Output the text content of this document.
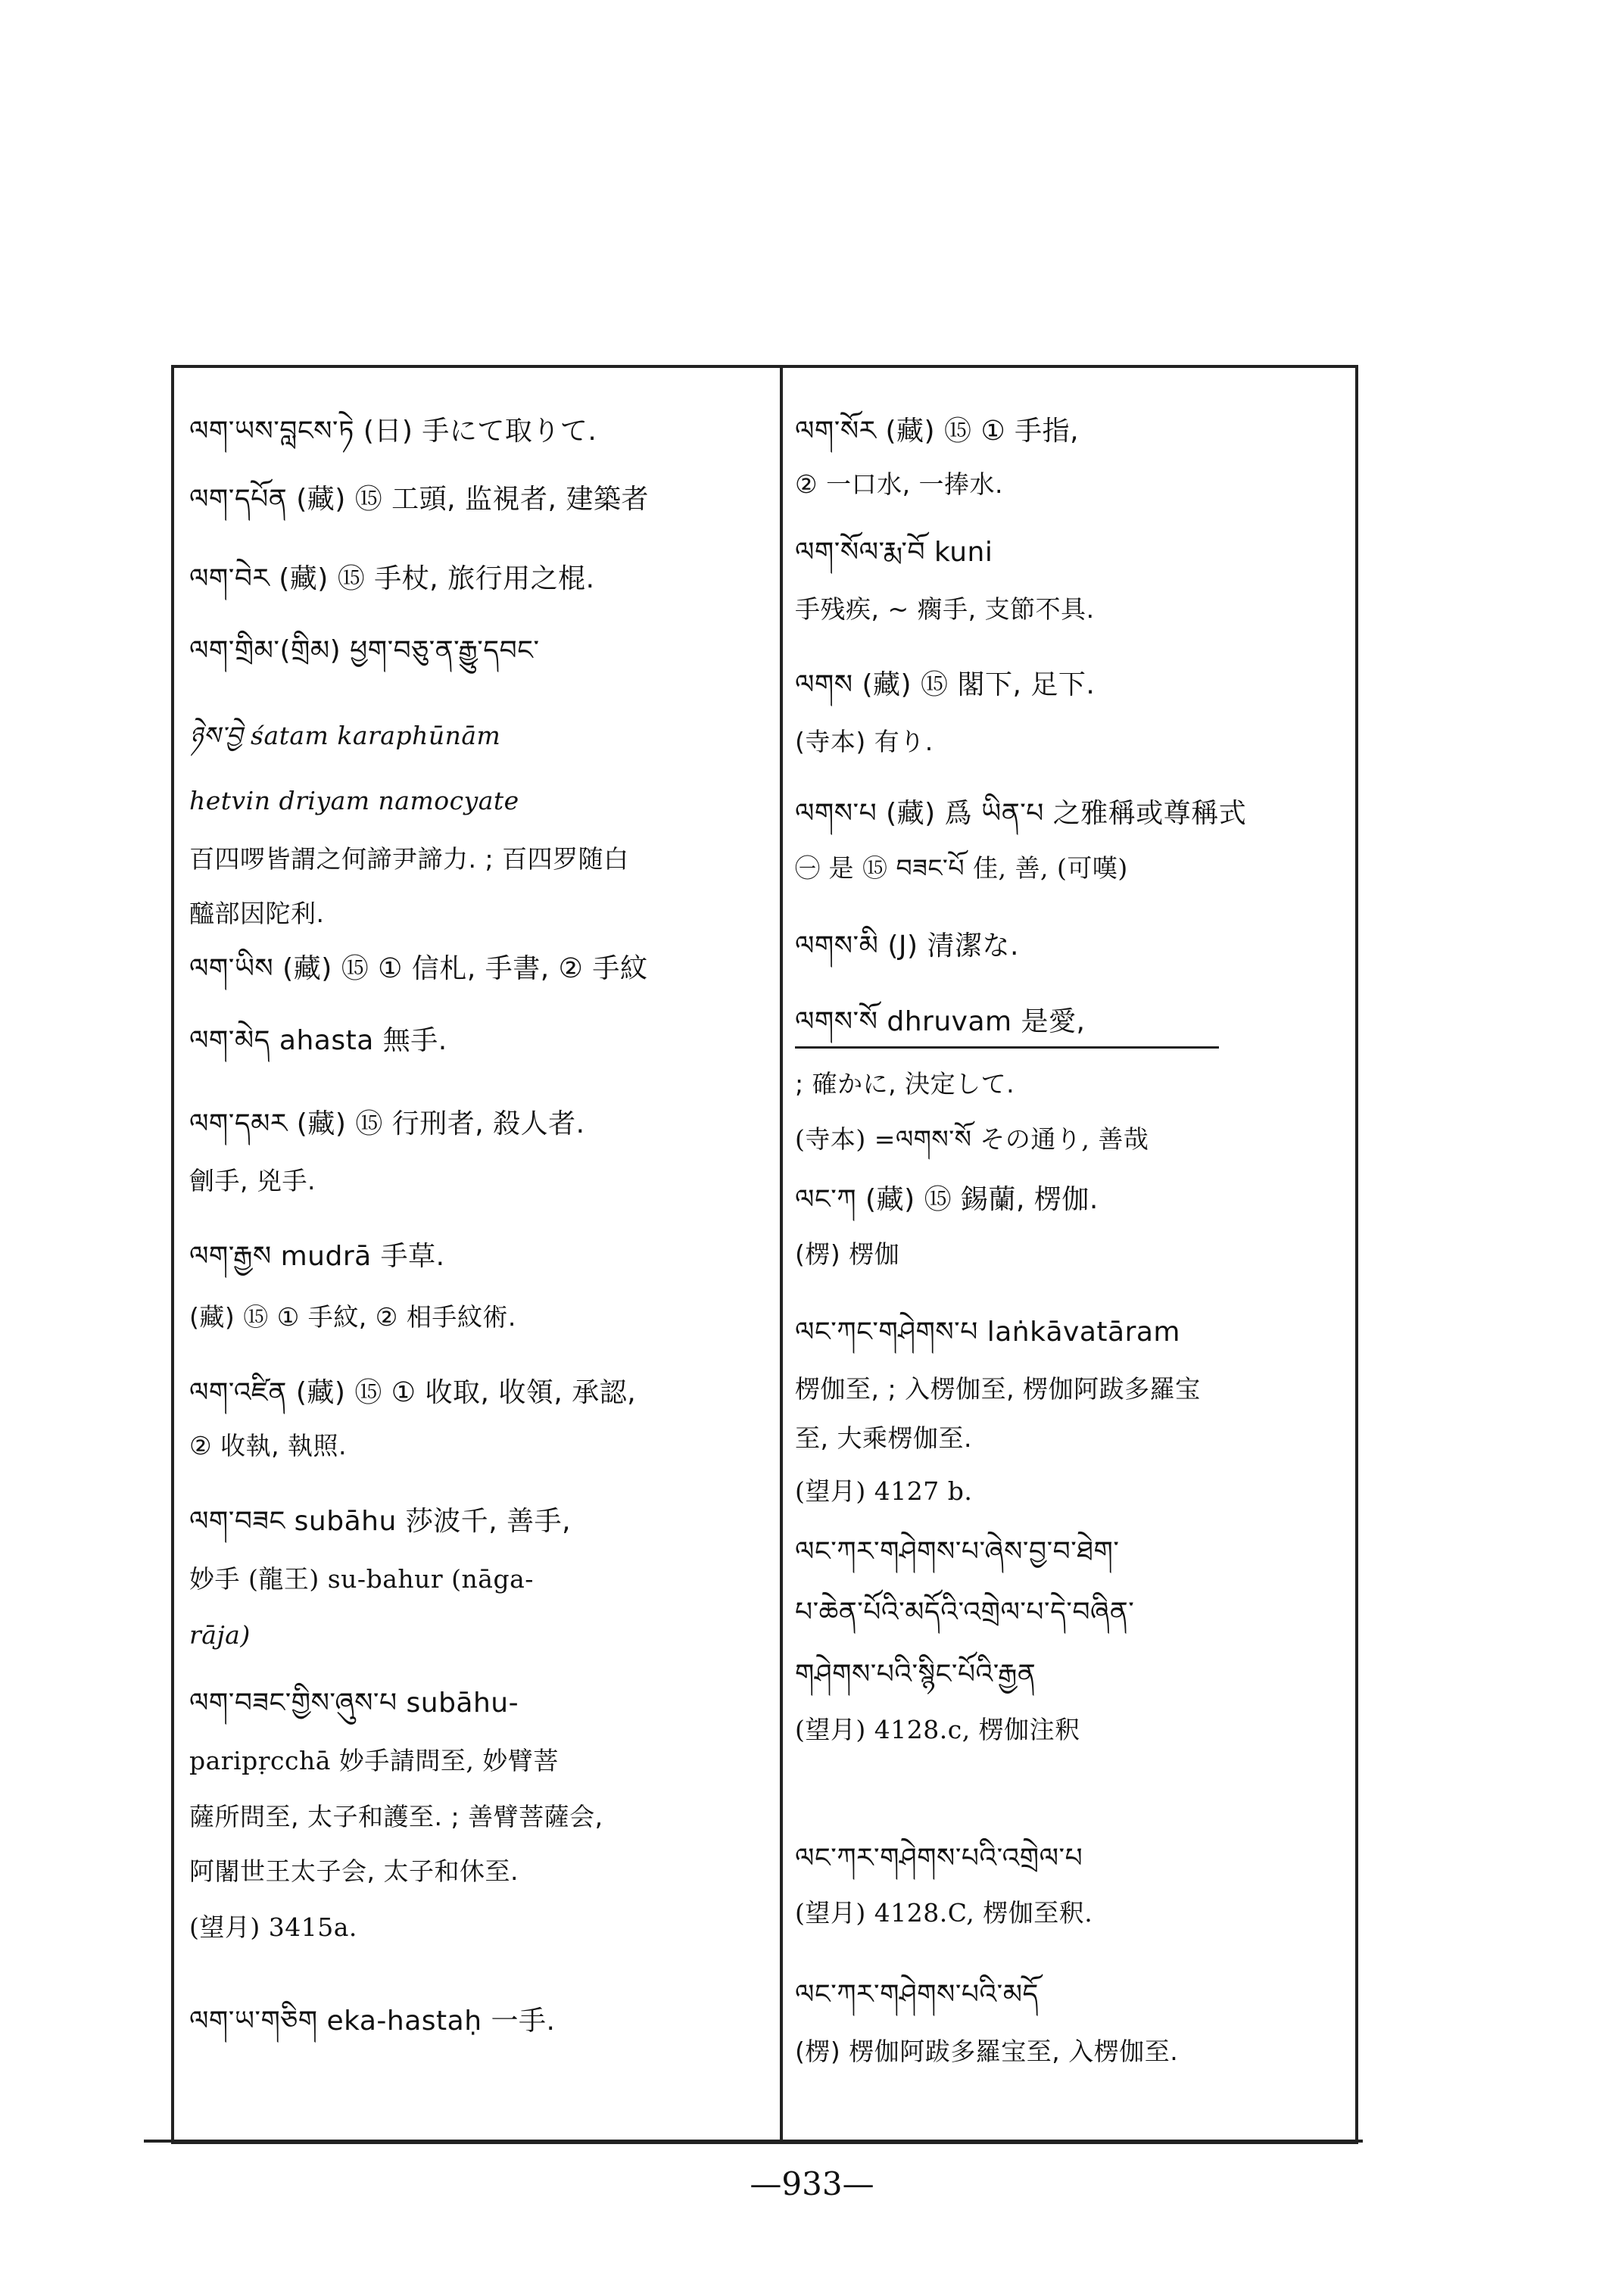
ལག་ཡས་བླངས་ཏེ (日) 手にて取りて.
ལག་དཔོན (藏) ⑮ 工頭, 监視者, 建築者
ལག་བེར (藏) ⑮ 手杖, 旅行用之棍.
ལག་གྲིམ་(གྲིམ) ཕྱག་བཅུ་ན་རྒྱུ་དབང་
ཉེས་བྱེ śatam karaphūnām
hetvin driyam namocyate
百四啰皆謂之何諦尹諦力. ; 百四罗随白
醯部因陀利.
ལག་ཡིས (藏) ⑮ ① 信札, 手書, ② 手紋
ལག་མེད ahasta 無手.
ལག་དམར (藏) ⑮ 行刑者, 殺人者.
劊手, 兇手.
ལག་རྒྱས mudrā 手草.
(藏) ⑮ ① 手紋, ② 相手紋術.
ལག་འཛིན (藏) ⑮ ① 收取, 收領, 承認,
② 收執, 執照.
ལག་བཟང subāhu 莎波千, 善手,
妙手 (龍王) su-bahur (nāga-
rāja)
ལག་བཟང་གྱིས་ཞུས་པ subāhu-
paripṛcchā 妙手請問至, 妙臂菩
薩所問至, 太子和護至. ; 善臂菩薩会,
阿闍世王太子会, 太子和休至.
(望月) 3415a.
ལག་ཡ་གཅིག eka-hastaḥ 一手.
ལག་སོར (藏) ⑮ ① 手指,
② 一口水, 一捧水.
ལག་སོལ་རྨ་བོ kuni
手残疾, ~ 瘸手, 支節不具.
ལགས (藏) ⑮ 閣下, 足下.
(寺本) 有り.
ལགས་པ (藏) 爲 ཡིན་པ 之雅稱或尊稱式
㊀ 是 ⑮ བཟང་པོ 佳, 善, (可嘆)
ལགས་མི (J) 清潔な.
ལགས་སོ dhruvam 是愛,
; 確かに, 決定して.
(寺本) =ལགས་སོ その通り, 善哉
ལང་ཀ (藏) ⑮ 錫蘭, 楞伽.
(楞) 楞伽
ལང་ཀང་གཤེགས་པ laṅkāvatāram
楞伽至, ; 入楞伽至, 楞伽阿跋多羅宝
至, 大乘楞伽至.
(望月) 4127 b.
ལང་ཀར་གཤེགས་པ་ཞེས་བྱ་བ་ཐེག་
པ་ཆེན་པོའི་མདོའི་འགྲེལ་པ་དེ་བཞིན་
གཤེགས་པའི་སྙིང་པོའི་རྒྱན
(望月) 4128.c, 楞伽注釈
ལང་ཀར་གཤེགས་པའི་འགྲེལ་པ
(望月) 4128.C, 楞伽至釈.
ལང་ཀར་གཤེགས་པའི་མདོ
(楞) 楞伽阿跋多羅宝至, 入楞伽至.
—933—
